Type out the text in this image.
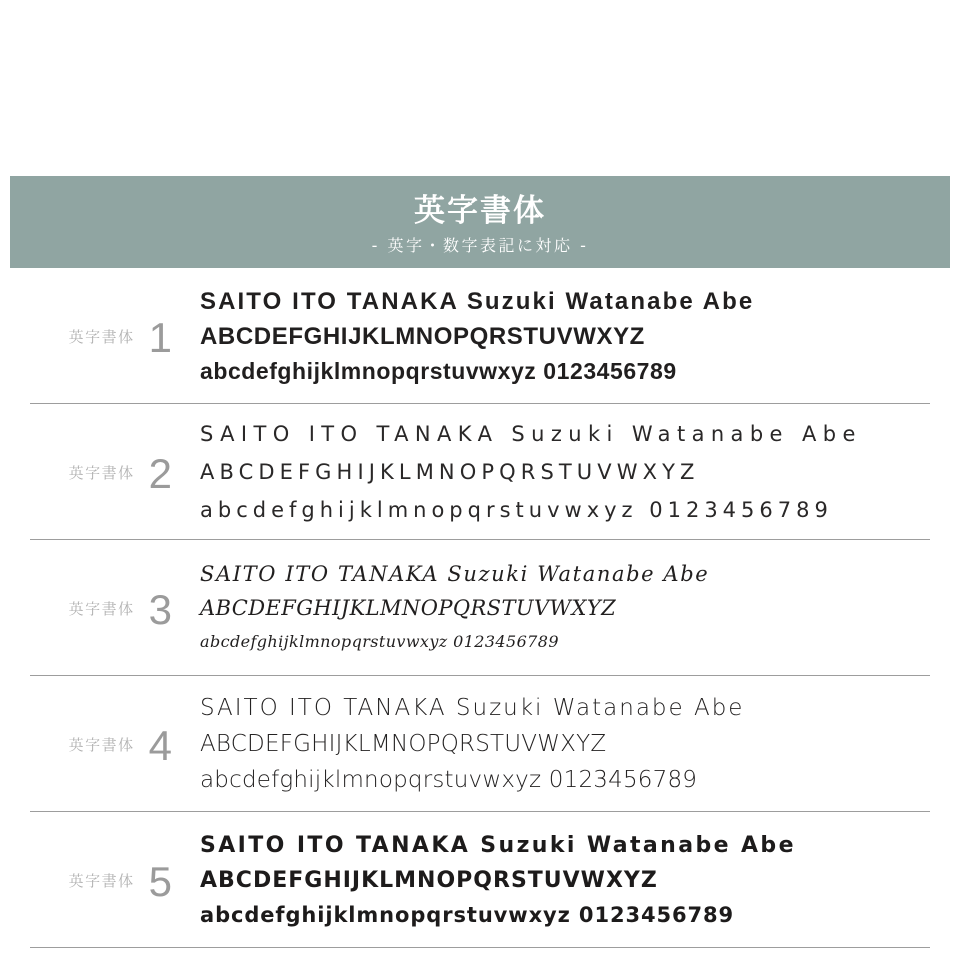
英字書体
- 英字・数字表記に対応 -
英字書体 1
SAITO ITO TANAKA Suzuki Watanabe Abe
ABCDEFGHIJKLMNOPQRSTUVWXYZ
abcdefghijklmnopqrstuvwxyz 0123456789
英字書体 2
SAITO ITO TANAKA Suzuki Watanabe Abe
ABCDEFGHIJKLMNOPQRSTUVWXYZ
abcdefghijklmnopqrstuvwxyz 0123456789
英字書体 3
SAITO ITO TANAKA Suzuki Watanabe Abe
ABCDEFGHIJKLMNOPQRSTUVWXYZ
abcdefghijklmnopqrstuvwxyz 0123456789
英字書体 4
SAITO ITO TANAKA Suzuki Watanabe Abe
ABCDEFGHIJKLMNOPQRSTUVWXYZ
abcdefghijklmnopqrstuvwxyz 0123456789
英字書体 5
SAITO ITO TANAKA Suzuki Watanabe Abe
ABCDEFGHIJKLMNOPQRSTUVWXYZ
abcdefghijklmnopqrstuvwxyz 0123456789
